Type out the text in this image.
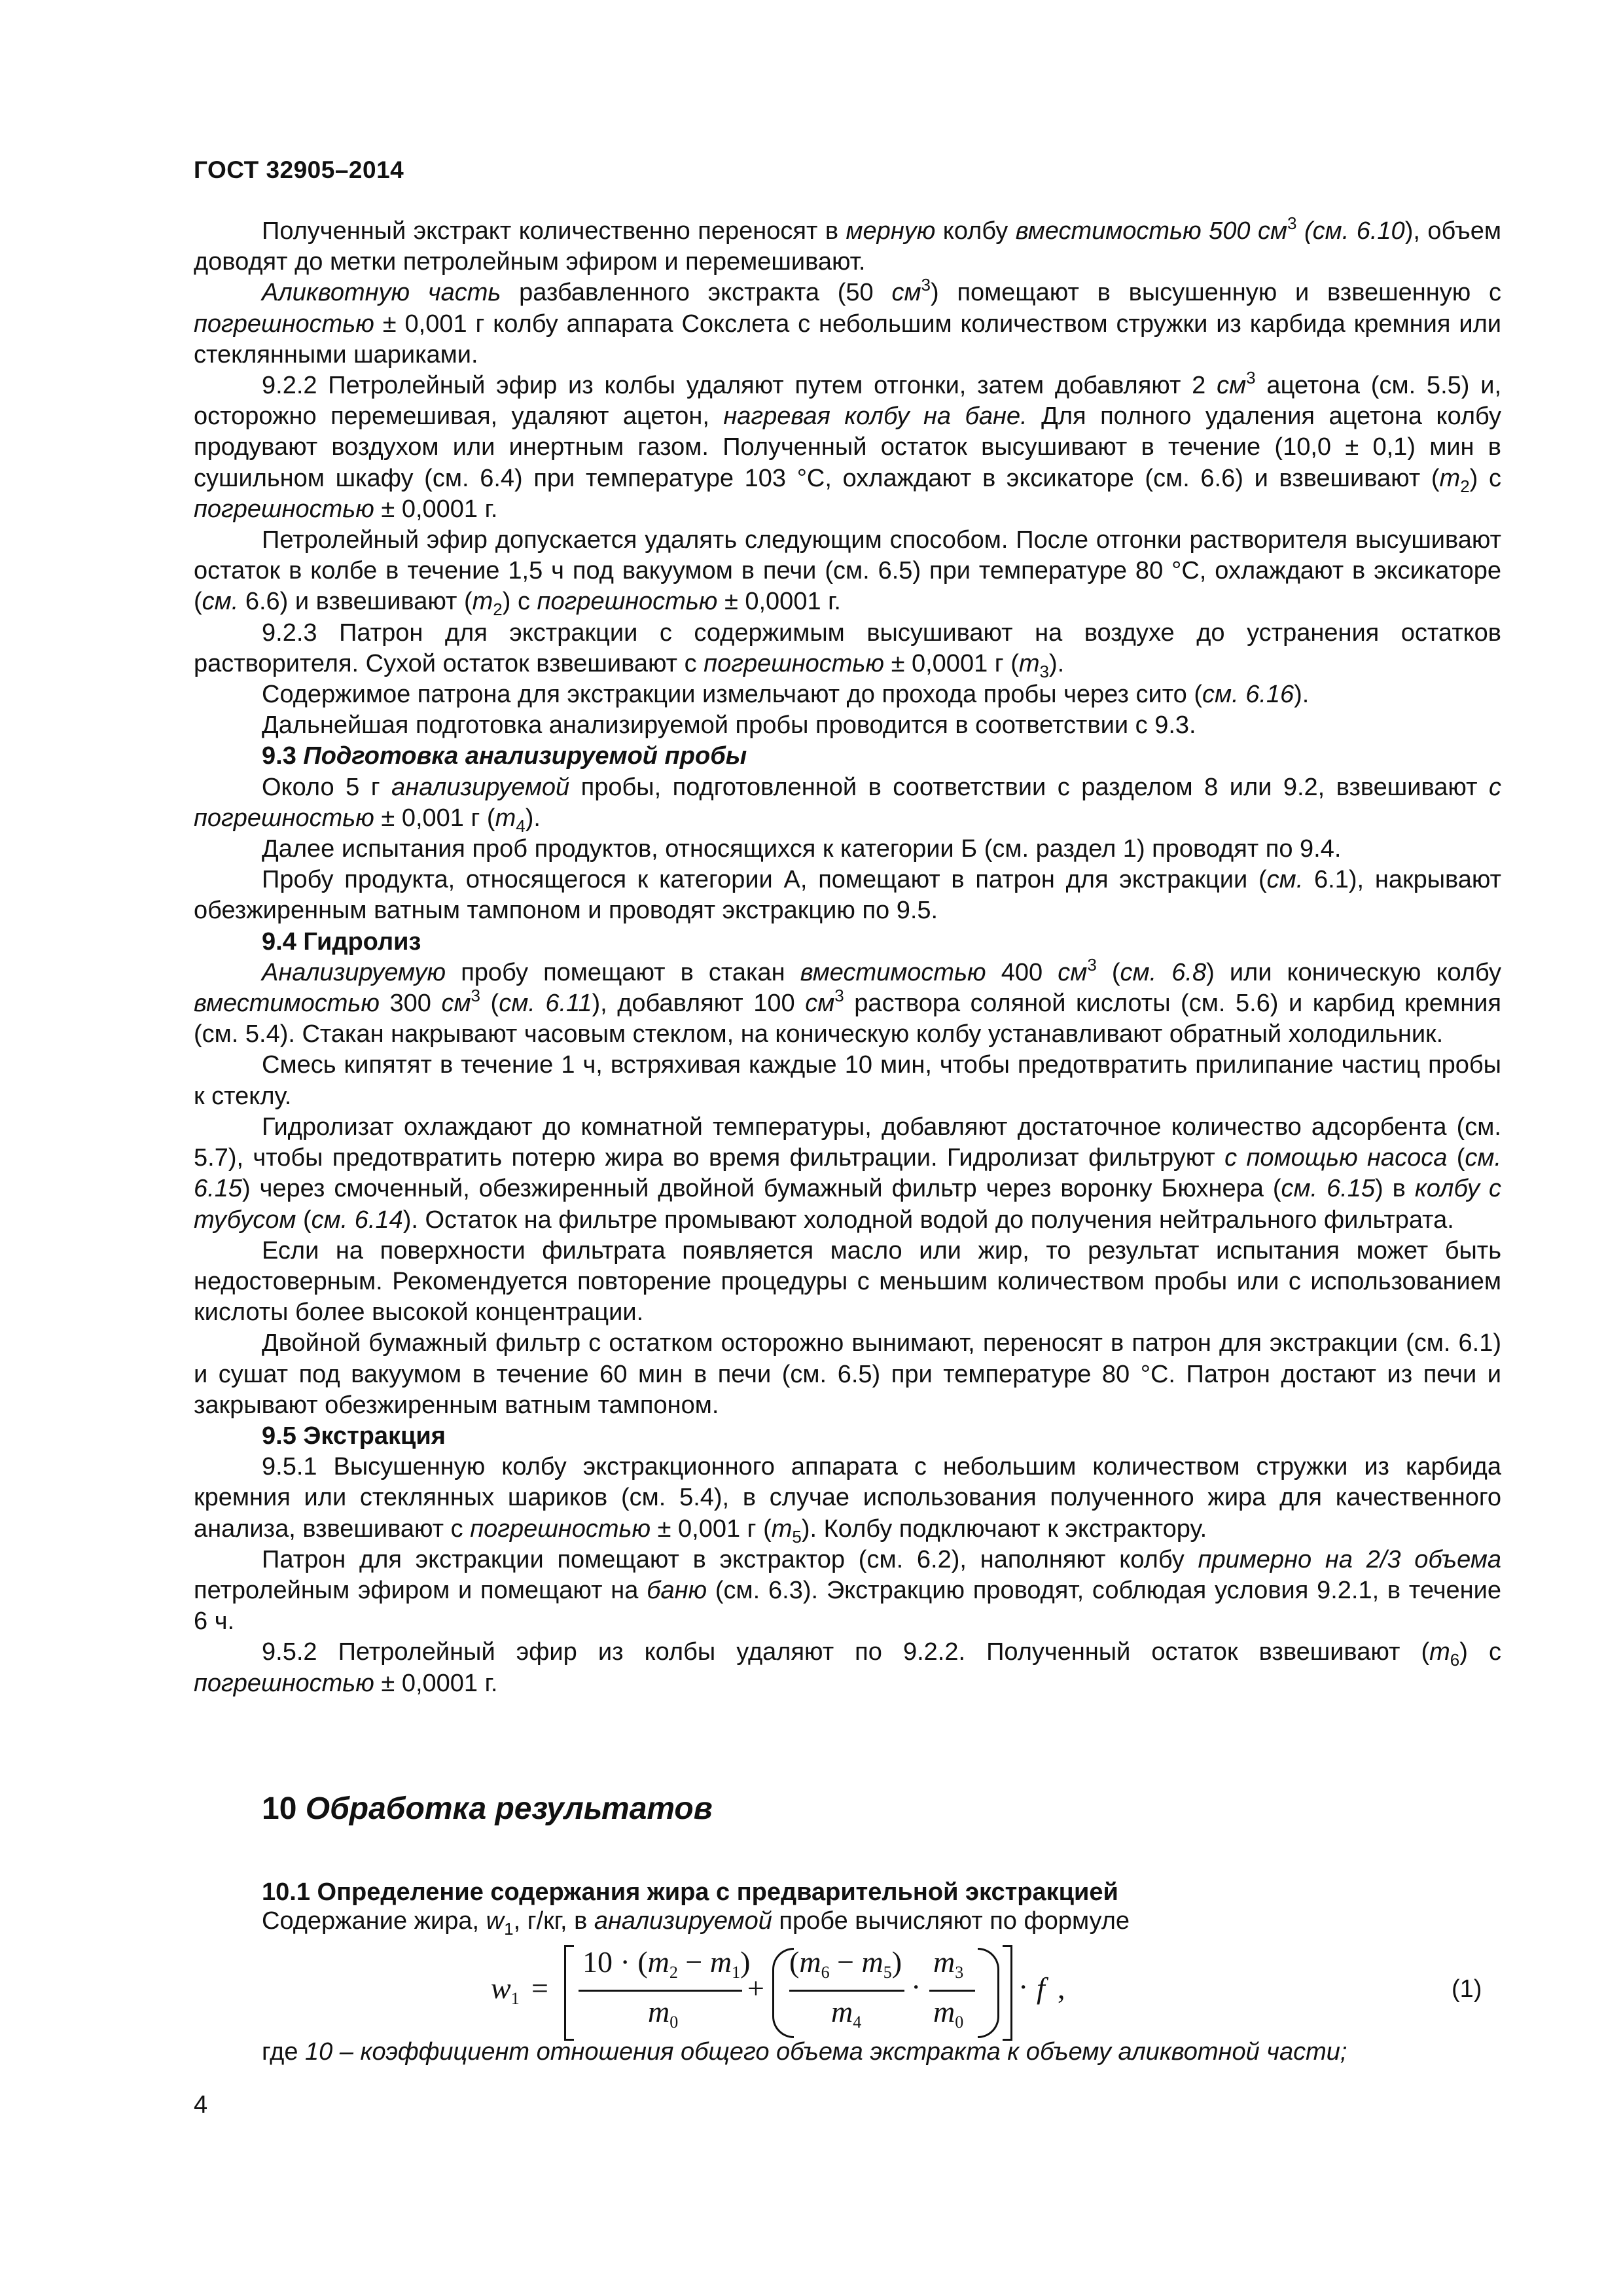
ГОСТ 32905–2014

Полученный экстракт количественно переносят в мерную колбу вместимостью 500 $см^3$ (см. 6.10), объем доводят до метки петролейным эфиром и перемешивают.

Аликвотную часть разбавленного экстракта (50 $см^3$) помещают в высушенную и взвешенную с погрешностью ± 0,001 г колбу аппарата Сокслета с небольшим количеством стружки из карбида кремния или стеклянными шариками.

9.2.2 Петролейный эфир из колбы удаляют путем отгонки, затем добавляют 2 $см^3$ ацетона (см. 5.5) и, осторожно перемешивая, удаляют ацетон, нагревая колбу на бане. Для полного удаления ацетона колбу продувают воздухом или инертным газом. Полученный остаток высушивают в течение (10,0 ± 0,1) мин в сушильном шкафу (см. 6.4) при температуре 103 °С, охлаждают в эксикаторе (см. 6.6) и взвешивают $(m_2)$ с погрешностью ± 0,0001 г.

Петролейный эфир допускается удалять следующим способом. После отгонки растворителя высушивают остаток в колбе в течение 1,5 ч под вакуумом в печи (см. 6.5) при температуре 80 °С, охлаждают в эксикаторе (см. 6.6) и взвешивают $(m_2)$ с погрешностью ± 0,0001 г.

9.2.3 Патрон для экстракции с содержимым высушивают на воздухе до устранения остатков растворителя. Сухой остаток взвешивают с погрешностью ± 0,0001 г $(m_3)$.

Содержимое патрона для экстракции измельчают до прохода пробы через сито (см. 6.16).

Дальнейшая подготовка анализируемой пробы проводится в соответствии с 9.3.

9.3 Подготовка анализируемой пробы

Около 5 г анализируемой пробы, подготовленной в соответствии с разделом 8 или 9.2, взвешивают с погрешностью ± 0,001 г $(m_4)$.

Далее испытания проб продуктов, относящихся к категории Б (см. раздел 1) проводят по 9.4.

Пробу продукта, относящегося к категории А, помещают в патрон для экстракции (см. 6.1), накрывают обезжиренным ватным тампоном и проводят экстракцию по 9.5.

9.4 Гидролиз

Анализируемую пробу помещают в стакан вместимостью 400 $см^3$ (см. 6.8) или коническую колбу вместимостью 300 $см^3$ (см. 6.11), добавляют 100 $см^3$ раствора соляной кислоты (см. 5.6) и карбид кремния (см. 5.4). Стакан накрывают часовым стеклом, на коническую колбу устанавливают обратный холодильник.

Смесь кипятят в течение 1 ч, встряхивая каждые 10 мин, чтобы предотвратить прилипание частиц пробы к стеклу.

Гидролизат охлаждают до комнатной температуры, добавляют достаточное количество адсорбента (см. 5.7), чтобы предотвратить потерю жира во время фильтрации. Гидролизат фильтруют с помощью насоса (см. 6.15) через смоченный, обезжиренный двойной бумажный фильтр через воронку Бюхнера (см. 6.15) в колбу с тубусом (см. 6.14). Остаток на фильтре промывают холодной водой до получения нейтрального фильтрата.

Если на поверхности фильтрата появляется масло или жир, то результат испытания может быть недостоверным. Рекомендуется повторение процедуры с меньшим количеством пробы или с использованием кислоты более высокой концентрации.

Двойной бумажный фильтр с остатком осторожно вынимают, переносят в патрон для экстракции (см. 6.1) и сушат под вакуумом в течение 60 мин в печи (см. 6.5) при температуре 80 °С. Патрон достают из печи и закрывают обезжиренным ватным тампоном.

9.5 Экстракция

9.5.1 Высушенную колбу экстракционного аппарата с небольшим количеством стружки из карбида кремния или стеклянных шариков (см. 5.4), в случае использования полученного жира для качественного анализа, взвешивают с погрешностью ± 0,001 г $(m_5)$. Колбу подключают к экстрактору.

Патрон для экстракции помещают в экстрактор (см. 6.2), наполняют колбу примерно на 2/3 объема петролейным эфиром и помещают на баню (см. 6.3). Экстракцию проводят, соблюдая условия 9.2.1, в течение 6 ч.

9.5.2 Петролейный эфир из колбы удаляют по 9.2.2. Полученный остаток взвешивают $(m_6)$ с погрешностью ± 0,0001 г.

10 Обработка результатов
10.1 Определение содержания жира с предварительной экстракцией
Содержание жира, $w_1$, г/кг, в анализируемой пробе вычисляют по формуле
w1 =
10 · (m2 − m1)
m0
+
(m6 − m5)
m4
·
m3
m0
· f ,	(1)
где 10 – коэффициент отношения общего объема экстракта к объему аликвотной части;
4
